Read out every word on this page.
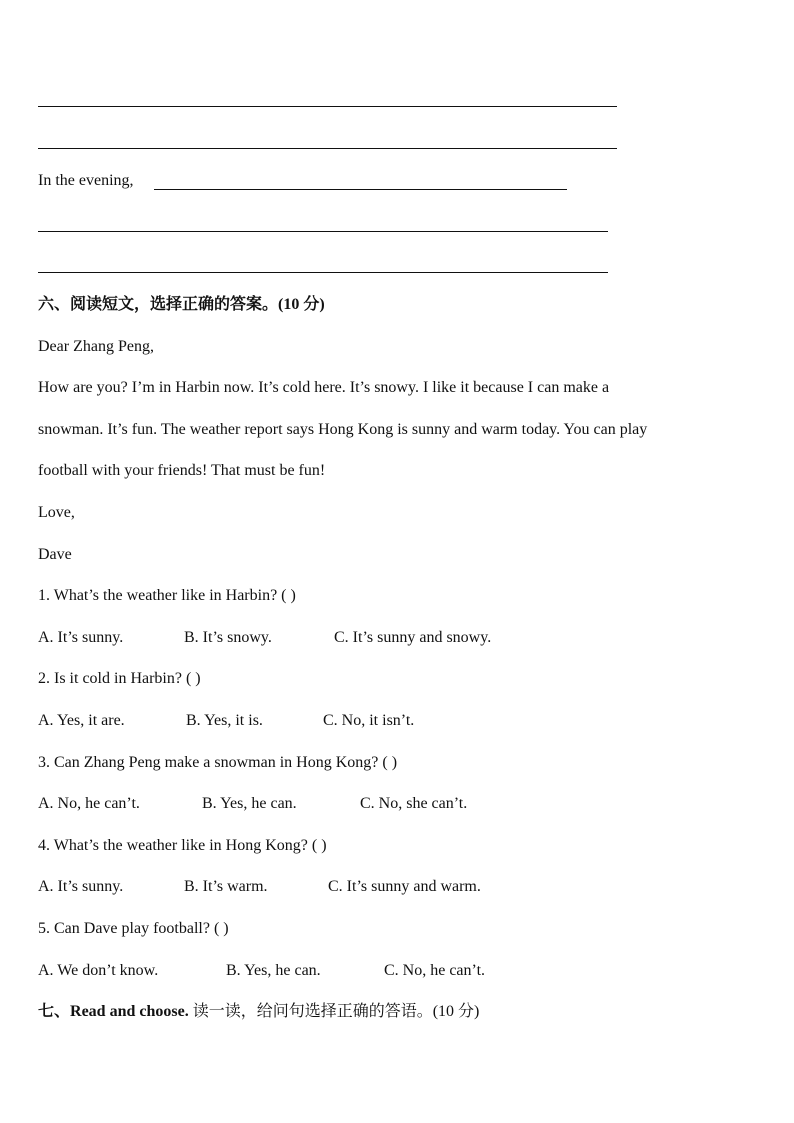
In the evening,
六、阅读短文，选择正确的答案。(10 分)
Dear Zhang Peng,
How are you? I’m in Harbin now. It’s cold here. It’s snowy. I like it because I can make a
snowman. It’s fun. The weather report says Hong Kong is sunny and warm today. You can play
football with your friends! That must be fun!
Love,
Dave
1. What’s the weather like in Harbin? ( )
A. It’s sunny.	B. It’s snowy.	C. It’s sunny and snowy.
2. Is it cold in Harbin? ( )
A. Yes, it are.	B. Yes, it is.	C. No, it isn’t.
3. Can Zhang Peng make a snowman in Hong Kong? ( )
A. No, he can’t.	B. Yes, he can.	C. No, she can’t.
4. What’s the weather like in Hong Kong? ( )
A. It’s sunny.	B. It’s warm.	C. It’s sunny and warm.
5. Can Dave play football? ( )
A. We don’t know.	B. Yes, he can.	C. No, he can’t.
七、Read and choose. 读一读，给问句选择正确的答语。(10 分)
